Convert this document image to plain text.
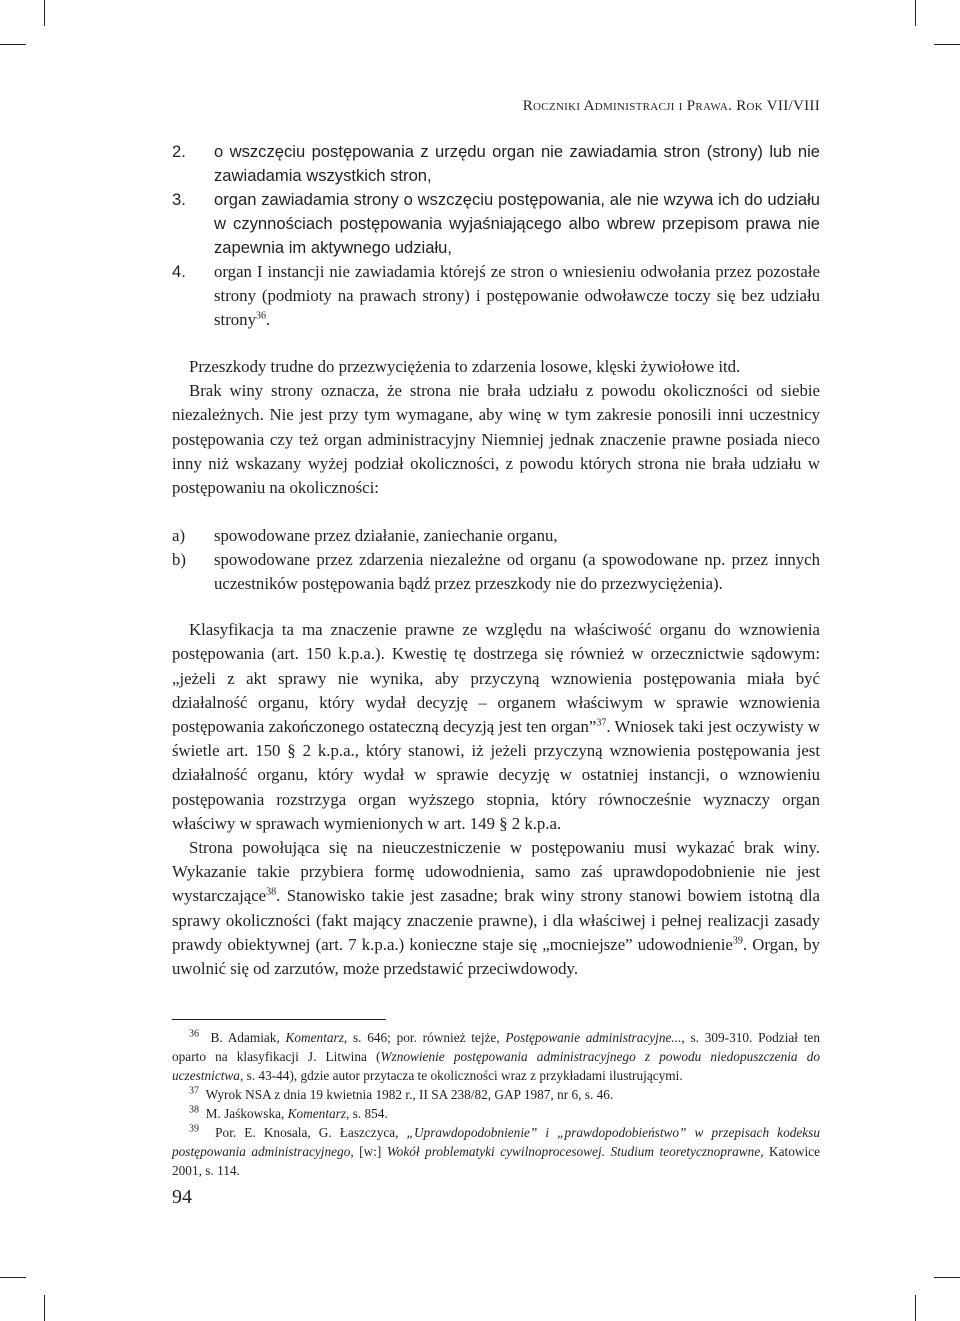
Roczniki Administracji i Prawa. Rok VII/VIII
2.	o wszczęciu postępowania z urzędu organ nie zawiadamia stron (strony) lub nie zawiadamia wszystkich stron,
3.	organ zawiadamia strony o wszczęciu postępowania, ale nie wzywa ich do udziału w czynnościach postępowania wyjaśniającego albo wbrew przepisom prawa nie zapewnia im aktywnego udziału,
4.	organ I instancji nie zawiadamia którejś ze stron o wniesieniu odwołania przez pozostałe strony (podmioty na prawach strony) i postępowanie odwoławcze toczy się bez udziału strony$^{36}$.

Przeszkody trudne do przezwyciężenia to zdarzenia losowe, klęski żywiołowe itd.

Brak winy strony oznacza, że strona nie brała udziału z powodu okoliczności od siebie niezależnych. Nie jest przy tym wymagane, aby winę w tym zakresie ponosili inni uczestnicy postępowania czy też organ administracyjny Niemniej jednak znaczenie prawne posiada nieco inny niż wskazany wyżej podział okoliczności, z powodu których strona nie brała udziału w postępowaniu na okoliczności:

a)	spowodowane przez działanie, zaniechanie organu,
b)	spowodowane przez zdarzenia niezależne od organu (a spowodowane np. przez innych uczestników postępowania bądź przez przeszkody nie do przezwyciężenia).

Klasyfikacja ta ma znaczenie prawne ze względu na właściwość organu do wznowienia postępowania (art. 150 k.p.a.). Kwestię tę dostrzega się również w orzecznictwie sądowym: „jeżeli z akt sprawy nie wynika, aby przyczyną wznowienia postępowania miała być działalność organu, który wydał decyzję – organem właściwym w sprawie wznowienia postępowania zakończonego ostateczną decyzją jest ten organ”$^{37}$. Wniosek taki jest oczywisty w świetle art. 150 § 2 k.p.a., który stanowi, iż jeżeli przyczyną wznowienia postępowania jest działalność organu, który wydał w sprawie decyzję w ostatniej instancji, o wznowieniu postępowania rozstrzyga organ wyższego stopnia, który równocześnie wyznaczy organ właściwy w sprawach wymienionych w art. 149 § 2 k.p.a.

Strona powołująca się na nieuczestniczenie w postępowaniu musi wykazać brak winy. Wykazanie takie przybiera formę udowodnienia, samo zaś uprawdopodobnienie nie jest wystarczające$^{38}$. Stanowisko takie jest zasadne; brak winy strony stanowi bowiem istotną dla sprawy okoliczności (fakt mający znaczenie prawne), i dla właściwej i pełnej realizacji zasady prawdy obiektywnej (art. 7 k.p.a.) konieczne staje się „mocniejsze” udowodnienie$^{39}$. Organ, by uwolnić się od zarzutów, może przedstawić przeciwdowody.

$^{36}$ B. Adamiak, Komentarz, s. 646; por. również tejże, Postępowanie administracyjne..., s. 309-310. Podział ten oparto na klasyfikacji J. Litwina (Wznowienie postępowania administracyjnego z powodu niedopuszczenia do uczestnictwa, s. 43-44), gdzie autor przytacza te okoliczności wraz z przykładami ilustrującymi.

$^{37}$ Wyrok NSA z dnia 19 kwietnia 1982 r., II SA 238/82, GAP 1987, nr 6, s. 46.

$^{38}$ M. Jaśkowska, Komentarz, s. 854.

$^{39}$ Por. E. Knosala, G. Łaszczyca, „Uprawdopodobnienie” i „prawdopodobieństwo” w przepisach kodeksu postępowania administracyjnego, [w:] Wokół problematyki cywilnoprocesowej. Studium teoretycznoprawne, Katowice 2001, s. 114.

94
